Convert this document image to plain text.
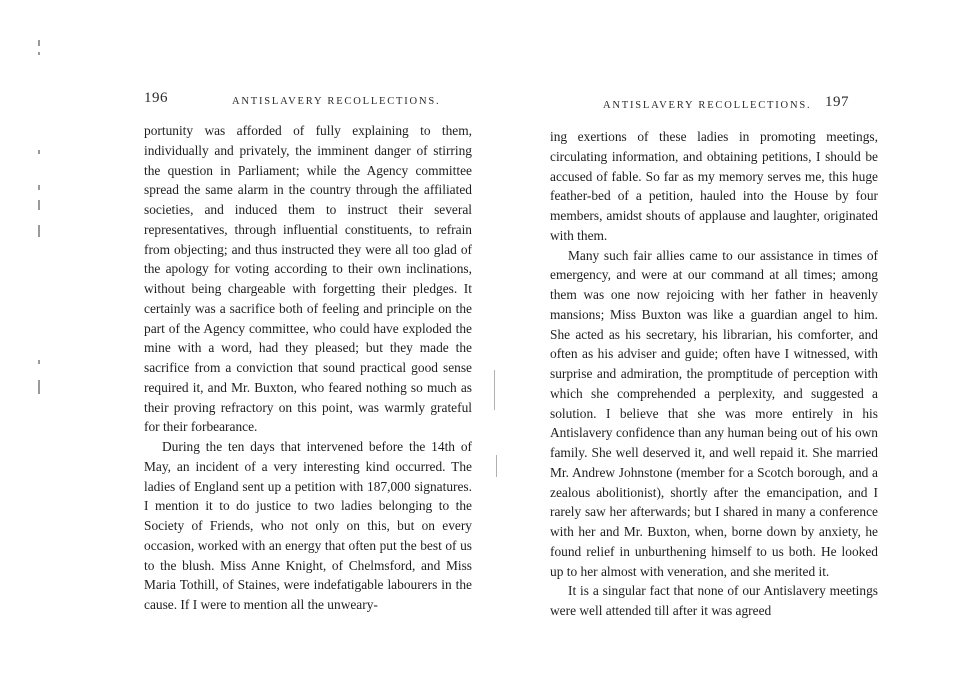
196	ANTISLAVERY RECOLLECTIONS.

portunity was afforded of fully explaining to them, individually and privately, the imminent danger of stirring the question in Parliament; while the Agency committee spread the same alarm in the country through the affiliated societies, and induced them to instruct their several representatives, through influential constituents, to refrain from objecting; and thus instructed they were all too glad of the apology for voting according to their own inclinations, without being chargeable with forgetting their pledges. It certainly was a sacrifice both of feeling and principle on the part of the Agency committee, who could have exploded the mine with a word, had they pleased; but they made the sacrifice from a conviction that sound practical good sense required it, and Mr. Buxton, who feared nothing so much as their proving refractory on this point, was warmly grateful for their forbearance.

During the ten days that intervened before the 14th of May, an incident of a very interesting kind occurred. The ladies of England sent up a petition with 187,000 signatures. I mention it to do justice to two ladies belonging to the Society of Friends, who not only on this, but on every occasion, worked with an energy that often put the best of us to the blush. Miss Anne Knight, of Chelmsford, and Miss Maria Tothill, of Staines, were indefatigable labourers in the cause. If I were to mention all the unweary-

ANTISLAVERY RECOLLECTIONS. 197

ing exertions of these ladies in promoting meetings, circulating information, and obtaining petitions, I should be accused of fable. So far as my memory serves me, this huge feather-bed of a petition, hauled into the House by four members, amidst shouts of applause and laughter, originated with them.

Many such fair allies came to our assistance in times of emergency, and were at our command at all times; among them was one now rejoicing with her father in heavenly mansions; Miss Buxton was like a guardian angel to him. She acted as his secretary, his librarian, his comforter, and often as his adviser and guide; often have I witnessed, with surprise and admiration, the promptitude of perception with which she comprehended a perplexity, and suggested a solution. I believe that she was more entirely in his Antislavery confidence than any human being out of his own family. She well deserved it, and well repaid it. She married Mr. Andrew Johnstone (member for a Scotch borough, and a zealous abolitionist), shortly after the emancipation, and I rarely saw her afterwards; but I shared in many a conference with her and Mr. Buxton, when, borne down by anxiety, he found relief in unburthening himself to us both. He looked up to her almost with veneration, and she merited it.

It is a singular fact that none of our Antislavery meetings were well attended till after it was agreed
